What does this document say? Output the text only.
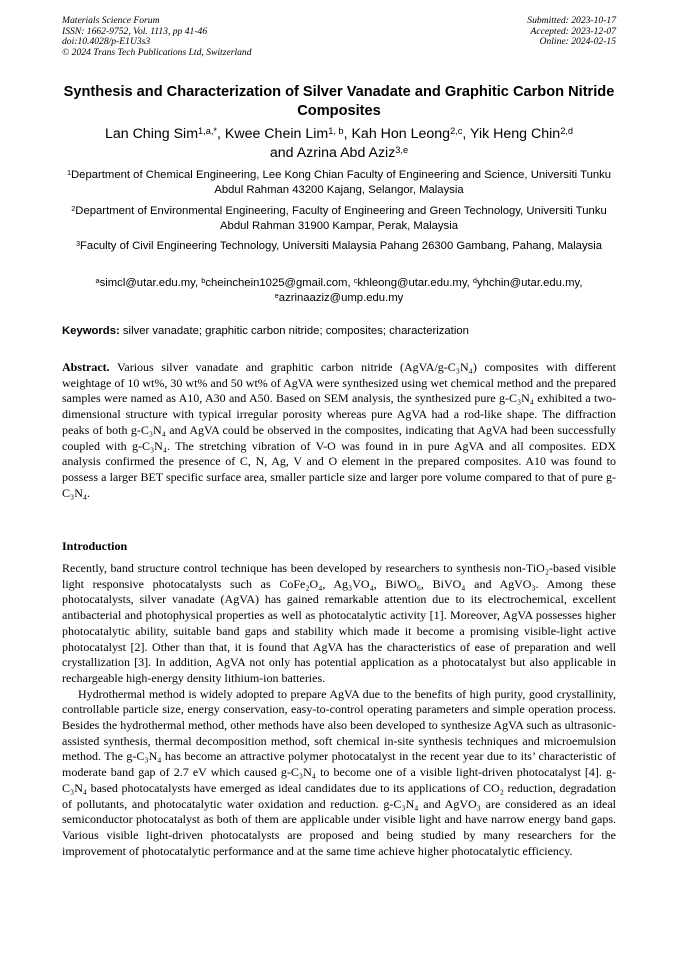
Materials Science Forum
ISSN: 1662-9752, Vol. 1113, pp 41-46
doi:10.4028/p-E1U3s3
© 2024 Trans Tech Publications Ltd, Switzerland
Submitted: 2023-10-17
Accepted: 2023-12-07
Online: 2024-02-15
Synthesis and Characterization of Silver Vanadate and Graphitic Carbon Nitride Composites
Lan Ching Sim$^{1,a,*}$, Kwee Chein Lim$^{1, b}$, Kah Hon Leong$^{2,c}$, Yik Heng Chin$^{2,d}$
and Azrina Abd Aziz$^{3,e}$
$^1$Department of Chemical Engineering, Lee Kong Chian Faculty of Engineering and Science, Universiti Tunku Abdul Rahman 43200 Kajang, Selangor, Malaysia
$^2$Department of Environmental Engineering, Faculty of Engineering and Green Technology, Universiti Tunku Abdul Rahman 31900 Kampar, Perak, Malaysia
$^3$Faculty of Civil Engineering Technology, Universiti Malaysia Pahang 26300 Gambang, Pahang, Malaysia
$^a$simcl@utar.edu.my, $^b$cheinchein1025@gmail.com, $^c$khleong@utar.edu.my, $^d$yhchin@utar.edu.my,
$^e$azrinaaziz@ump.edu.my
Keywords: silver vanadate; graphitic carbon nitride; composites; characterization
Abstract. Various silver vanadate and graphitic carbon nitride (AgVA/g-C₃N₄) composites with different weightage of 10 wt%, 30 wt% and 50 wt% of AgVA were synthesized using wet chemical method and the prepared samples were named as A10, A30 and A50. Based on SEM analysis, the synthesized pure g-C₃N₄ exhibited a two-dimensional structure with typical irregular porosity whereas pure AgVA had a rod-like shape. The diffraction peaks of both g-C₃N₄ and AgVA could be observed in the composites, indicating that AgVA had been successfully coupled with g-C₃N₄. The stretching vibration of V-O was found in in pure AgVA and all composites. EDX analysis confirmed the presence of C, N, Ag, V and O element in the prepared composites. A10 was found to possess a larger BET specific surface area, smaller particle size and larger pore volume compared to that of pure g-C₃N₄.
Introduction

Recently, band structure control technique has been developed by researchers to synthesis non-TiO₂-based visible light responsive photocatalysts such as CoFe₂O₄, Ag₃VO₄, BiWO₆, BiVO₄ and AgVO₃. Among these photocatalysts, silver vanadate (AgVA) has gained remarkable attention due to its electrochemical, excellent antibacterial and photophysical properties as well as photocatalytic activity [1]. Moreover, AgVA possesses higher photocatalytic ability, suitable band gaps and stability which made it become a promising visible-light active photocatalyst [2]. Other than that, it is found that AgVA has the characteristics of ease of preparation and well crystallization [3]. In addition, AgVA not only has potential application as a photocatalyst but also applicable in rechargeable high-energy density lithium-ion batteries.

Hydrothermal method is widely adopted to prepare AgVA due to the benefits of high purity, good crystallinity, controllable particle size, energy conservation, easy-to-control operating parameters and simple operation process. Besides the hydrothermal method, other methods have also been developed to synthesize AgVA such as ultrasonic-assisted synthesis, thermal decomposition method, soft chemical in-site synthesis techniques and microemulsion method. The g-C₃N₄ has become an attractive polymer photocatalyst in the recent year due to its’ characteristic of moderate band gap of 2.7 eV which caused g-C₃N₄ to become one of a visible light-driven photocatalyst [4]. g-C₃N₄ based photocatalysts have emerged as ideal candidates due to its applications of CO₂ reduction, degradation of pollutants, and photocatalytic water oxidation and reduction. g-C₃N₄ and AgVO₃ are considered as an ideal semiconductor photocatalyst as both of them are applicable under visible light and have narrow energy band gaps. Various visible light-driven photocatalysts are proposed and being studied by many researchers for the improvement of photocatalytic performance and at the same time achieve higher photocatalytic efficiency.
